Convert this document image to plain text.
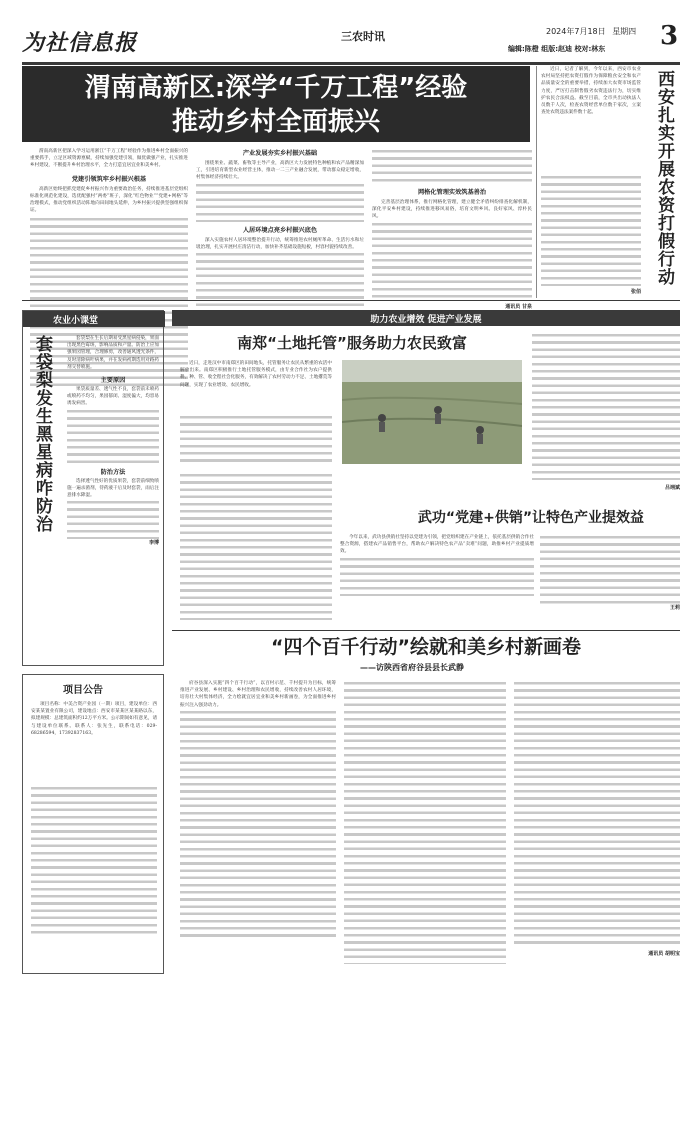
为社信息报	三农时讯	2024年7月18日 星期四 3
编辑:陈橙 组版:赵迪 校对:林东
渭南高新区:深学“千万工程”经验
推动乡村全面振兴
渭南高新区把深入学习运用浙江“千万工程”经验作为推进乡村全面振兴的重要抓手，立足区域资源禀赋，持续加强党建引领，做优做强产业，扎实推进乡村建设，不断提升乡村治理水平，全力打造宜居宜业和美乡村。
党建引领筑牢乡村振兴根基
高新区始终把抓党建促乡村振兴作为重要政治任务，持续推进基层党组织标准化规范化建设，选优配强村“两委”班子，深化“红色物业”“党建+网格”等治理模式，推动党组织活动阵地向田间地头延伸，为乡村振兴提供坚强组织保证。
产业发展夯实乡村振兴基础
围绕果业、蔬菜、畜牧等主导产业，高新区大力发展特色种植和农产品精深加工，引进培育新型农业经营主体，推动一二三产业融合发展，带动群众稳定增收，村集体经济持续壮大。
人居环境点亮乡村振兴底色
深入实施农村人居环境整治提升行动，统筹推进农村厕所革命、生活污水和垃圾治理，扎实开展村庄清洁行动，加快补齐基础设施短板，村容村貌持续改善。
网格化管理实效筑基善治
完善基层治理体系，推行网格化管理，建立健全矛盾纠纷排查化解机制，深化平安乡村建设，持续推进移风易俗，培育文明乡风、良好家风、淳朴民风。
通讯员 甘泉
近日，记者了解到，今年以来，西安市农业农村局坚持把农资打假作为保障粮食安全和农产品质量安全的重要举措，持续加大农资市场监管力度，严厉打击制售假劣农资违法行为，切实维护农民合法权益。截至目前，全市共出动执法人员数千人次，检查农资经营单位数千家次，立案查处农资违法案件数十起。
张佰
西安扎实开展农资打假行动
农业小课堂
套袋梨发生黑星病咋防治	套袋梨在生长后期易受黑星病侵染，果面出现黑色霉斑，影响品质和产量。防治上应加强果园管理，合理修剪，改善通风透光条件，及时清除病叶病果，并在发病初期选用对路药剂交替喷施。
主要原因
果袋质量差、透气性不良，套袋前未喷药或喷药不均匀，果园郁闭、湿度偏大，均容易诱发病害。
防治方法
选择透气性好的优质果袋，套袋前细致喷施一遍杀菌剂，待药液干后及时套袋，雨后注意排水降湿。
李博
项目公告
项目名称：中美合资产业园（一期）项目，建设单位：西安某某置业有限公司，建设地点：西安市某某区某某路以东，拟建规模：总建筑面积约12万平方米。公示期间如有意见，请与建设单位联系。联系人：张先生，联系电话：029-68286594，17392837163。
助力农业增效 促进产业发展
南郑“土地托管”服务助力农民致富
近日，走进汉中市南郑区的田间地头，托管服务让农民从繁重的农活中解放出来。南郑区积极推行土地托管服务模式，由专业合作社为农户提供耕、种、管、收全程社会化服务，有效解决了农村劳动力不足、土地撂荒等问题，实现了农业增效、农民增收。
吕翊斌
武功“党建+供销”让特色产业提效益
今年以来，武功县供销社坚持以党建为引领，把党组织建在产业链上，依托基层供销合作社整合资源，搭建农产品销售平台，帮助农户解决特色农产品“卖难”问题，助推乡村产业提质增效。
王莉
“四个百千行动”绘就和美乡村新画卷
——访陕西省府谷县县长武静
府谷县深入实施“四个百千行动”，以百村示范、千村提升为目标，统筹推进产业发展、乡村建设、乡村治理和农民增收，持续改善农村人居环境，培育壮大村集体经济，全力绘就宜居宜业和美乡村新画卷，为全面推进乡村振兴注入强劲动力。
通讯员 胡明宝
